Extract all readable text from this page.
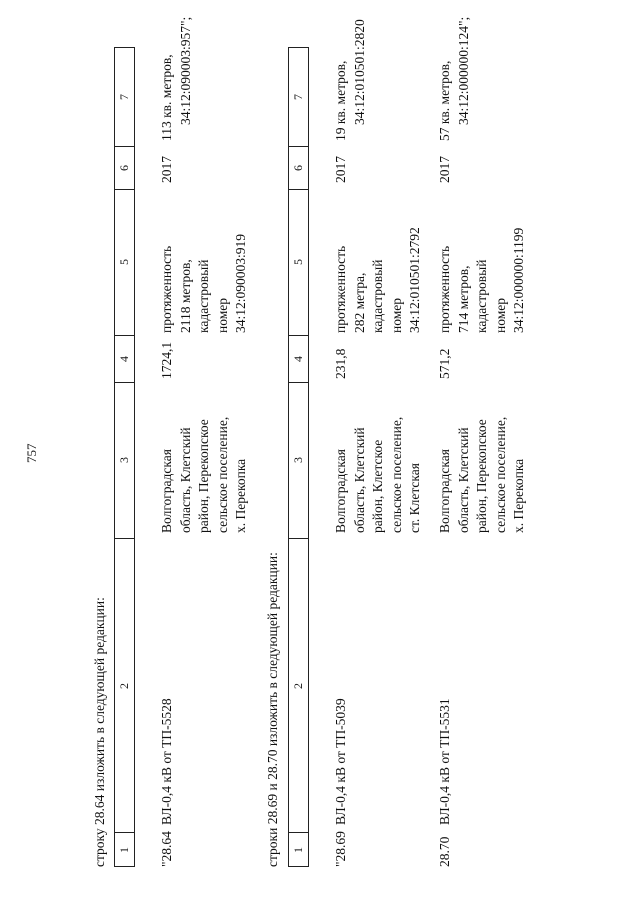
757
строку 28.64 изложить в следующей редакции: 1
2
3
4
5
6
7
"28.64
ВЛ-0,4 кВ от ТП-5528
Волгоградская область, Клетский район, Перекопское сельское поселение, х. Перекопка
1724,1
протяженность 2118 метров, кадастровый номер 34:12:090003:919
2017
113 кв. метров, 34:12:090003:957";
строки 28.69 и 28.70 изложить в следующей редакции: 1
2
3
4
5
6
7
"28.69
ВЛ-0,4 кВ от ТП-5039
Волгоградская область, Клетский район, Клетское сельское поселение, ст. Клетская
231,8
протяженность 282 метра, кадастровый номер 34:12:010501:2792
2017
19 кв. метров, 34:12:010501:2820
28.70
ВЛ-0,4 кВ от ТП-5531
Волгоградская область, Клетский район, Перекопское сельское поселение, х. Перекопка
571,2
протяженность 714 метров, кадастровый номер 34:12:000000:1199
2017
57 кв. метров, 34:12:000000:124";
